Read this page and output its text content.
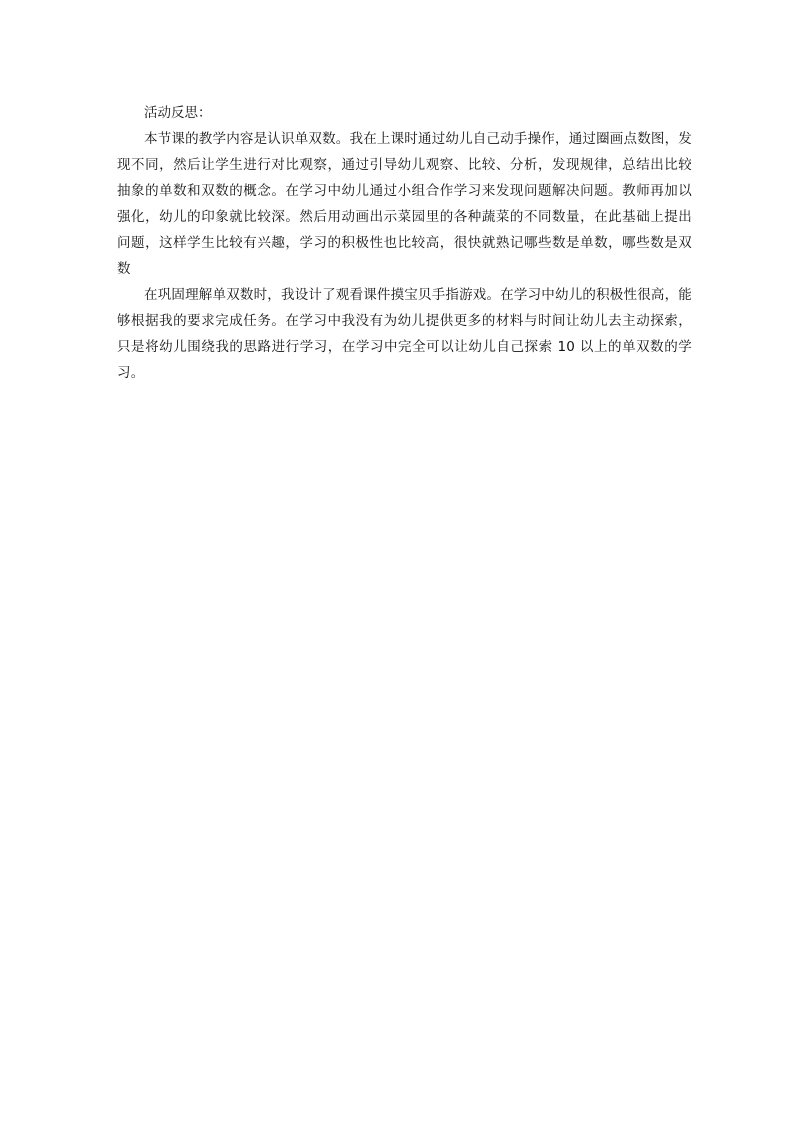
活动反思：

本节课的教学内容是认识单双数。我在上课时通过幼儿自己动手操作，通过圈画点数图，发现不同，然后让学生进行对比观察，通过引导幼儿观察、比较、分析，发现规律，总结出比较抽象的单数和双数的概念。在学习中幼儿通过小组合作学习来发现问题解决问题。教师再加以强化，幼儿的印象就比较深。然后用动画出示菜园里的各种蔬菜的不同数量，在此基础上提出问题，这样学生比较有兴趣，学习的积极性也比较高，很快就熟记哪些数是单数，哪些数是双数

在巩固理解单双数时，我设计了观看课件摸宝贝手指游戏。在学习中幼儿的积极性很高，能够根据我的要求完成任务。在学习中我没有为幼儿提供更多的材料与时间让幼儿去主动探索，只是将幼儿围绕我的思路进行学习，在学习中完全可以让幼儿自己探索 10 以上的单双数的学习。
